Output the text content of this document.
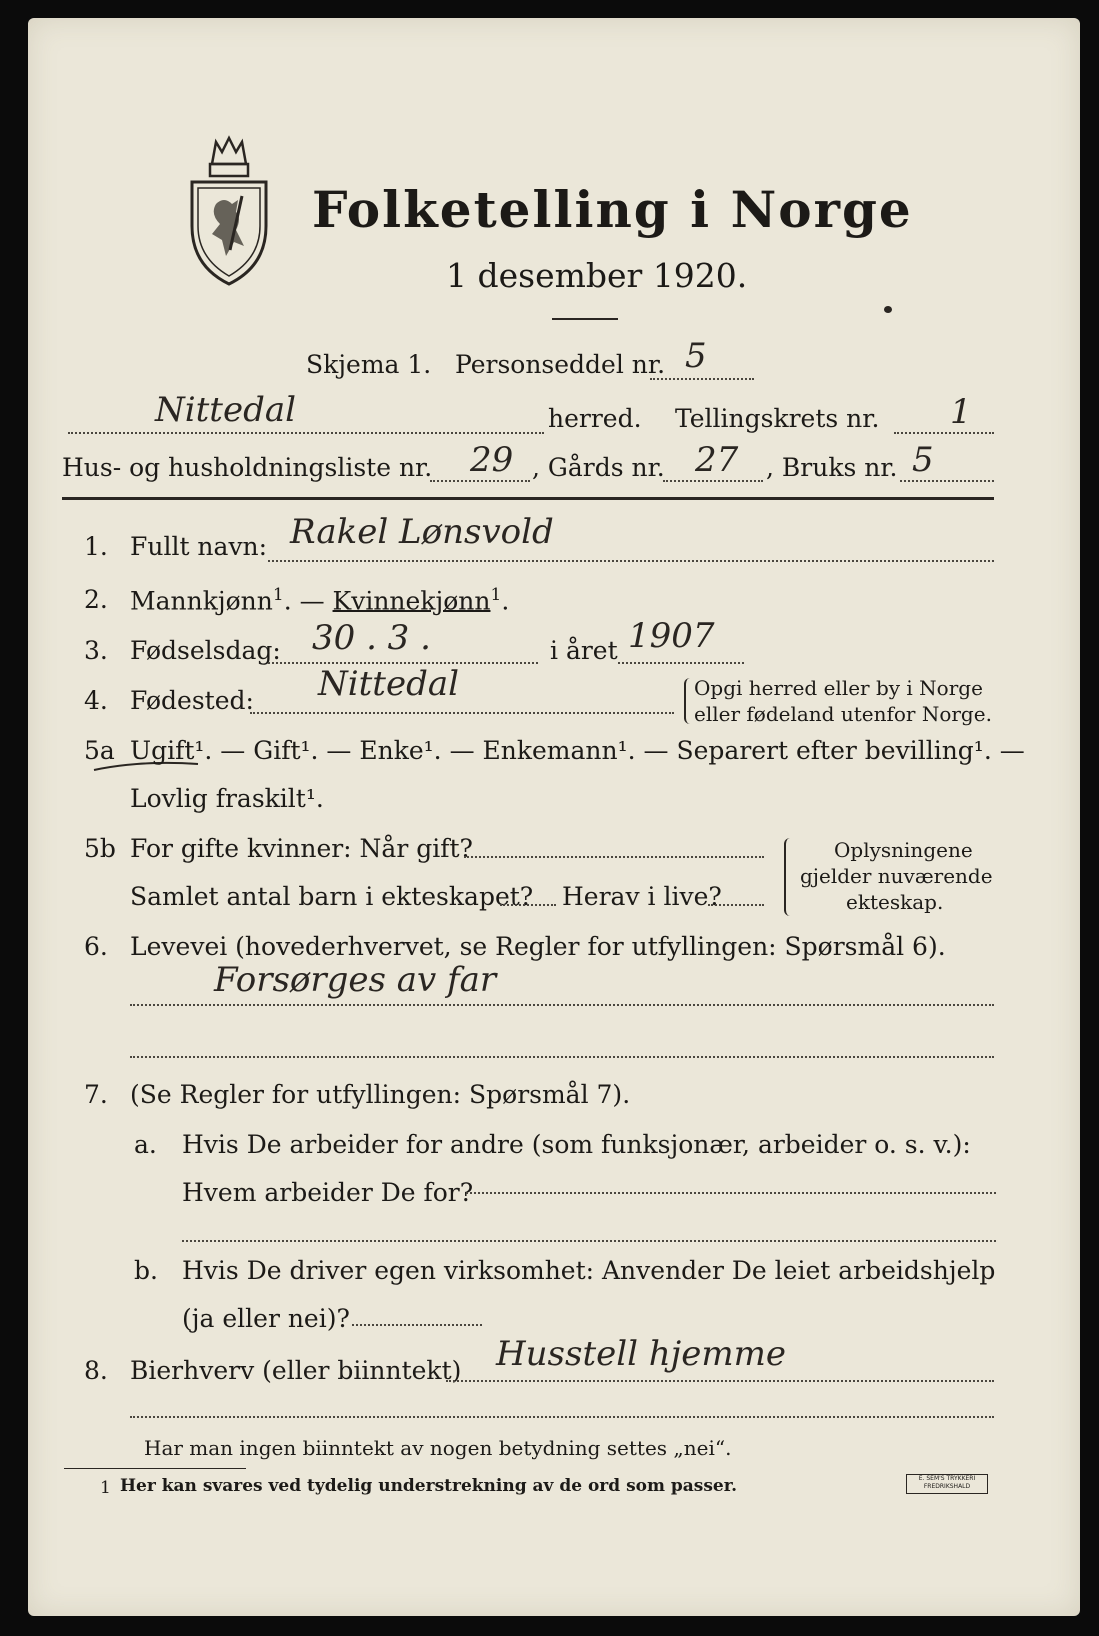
Folketelling i Norge
1 desember 1920.
Skjema 1. Personseddel nr. 5
Nittedal	herred. Tellingskrets nr. 1
Hus- og husholdningsliste nr. 29 , Gårds nr. 27 , Bruks nr. 5
1. Fullt navn: Rakel Lønsvold
2. Mannkjønn$^1$. — Kvinnekjønn$^1$.
3. Fødselsdag: 30 . 3 .	i året 1907
4. Fødested: Nittedal	Opgi herred eller by i Norge
eller fødeland utenfor Norge.
5a Ugift¹. — Gift¹. — Enke¹. — Enkemann¹. — Separert efter bevilling¹. —
Lovlig fraskilt¹.
5b For gifte kvinner: Når gift?
Samlet antal barn i ekteskapet? Herav i live?
Oplysningene
gjelder nuværende
ekteskap.
6. Levevei (hovederhvervet, se Regler for utfyllingen: Spørsmål 6).
Forsørges av far
7. (Se Regler for utfyllingen: Spørsmål 7).
a. Hvis De arbeider for andre (som funksjonær, arbeider o. s. v.):
Hvem arbeider De for?
b. Hvis De driver egen virksomhet: Anvender De leiet arbeidshjelp
(ja eller nei)?
8. Bierhverv (eller biinntekt) Husstell hjemme
Har man ingen biinntekt av nogen betydning settes „nei“.
1 Her kan svares ved tydelig understrekning av de ord som passer.	E. SEM'S TRYKKERI FREDRIKSHALD
